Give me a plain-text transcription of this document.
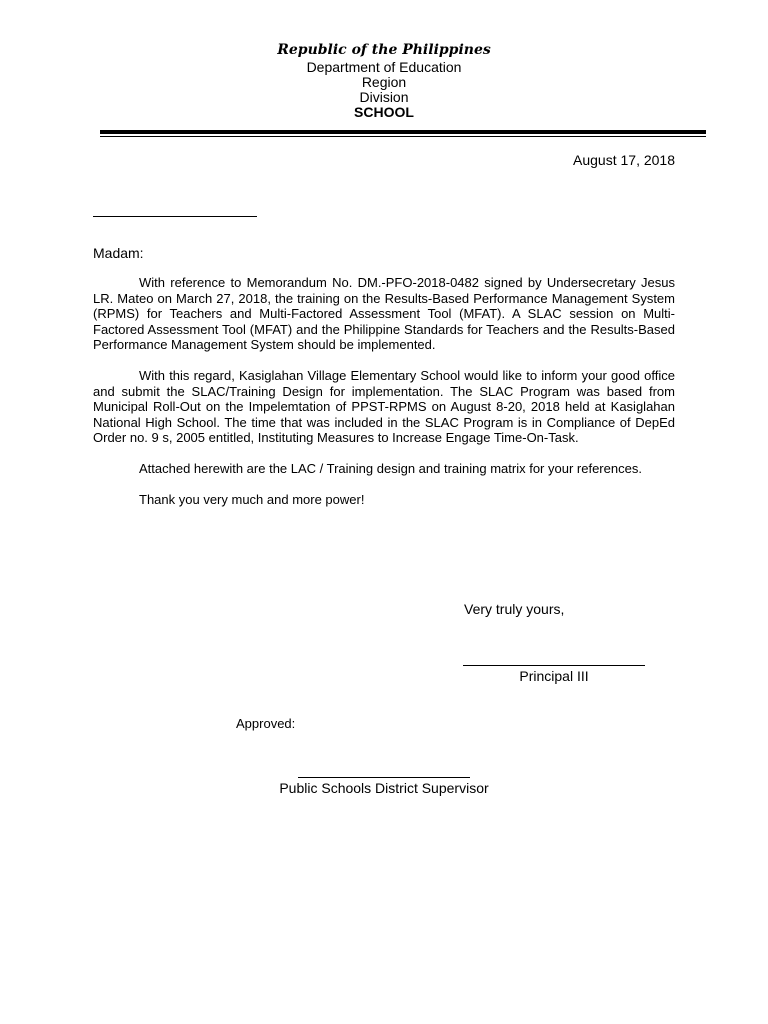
Republic of the Philippines

Department of Education

Region

Division

SCHOOL

August 17, 2018
Madam:

With reference to Memorandum No. DM.-PFO-2018-0482 signed by Undersecretary Jesus LR. Mateo on March 27, 2018, the training on the Results-Based Performance Management System (RPMS) for Teachers and Multi-Factored Assessment Tool (MFAT). A SLAC session on Multi-Factored Assessment Tool (MFAT) and the Philippine Standards for Teachers and the Results-Based Performance Management System should be implemented.

With this regard, Kasiglahan Village Elementary School would like to inform your good office and submit the SLAC/Training Design for implementation. The SLAC Program was based from Municipal Roll-Out on the Impelemtation of PPST-RPMS on August 8-20, 2018 held at Kasiglahan National High School. The time that was included in the SLAC Program is in Compliance of DepEd Order no. 9 s, 2005 entitled, Instituting Measures to Increase Engage Time-On-Task.

Attached herewith are the LAC / Training design and training matrix for your references.

Thank you very much and more power!

Very truly yours,
Principal III
Approved:
Public Schools District Supervisor
